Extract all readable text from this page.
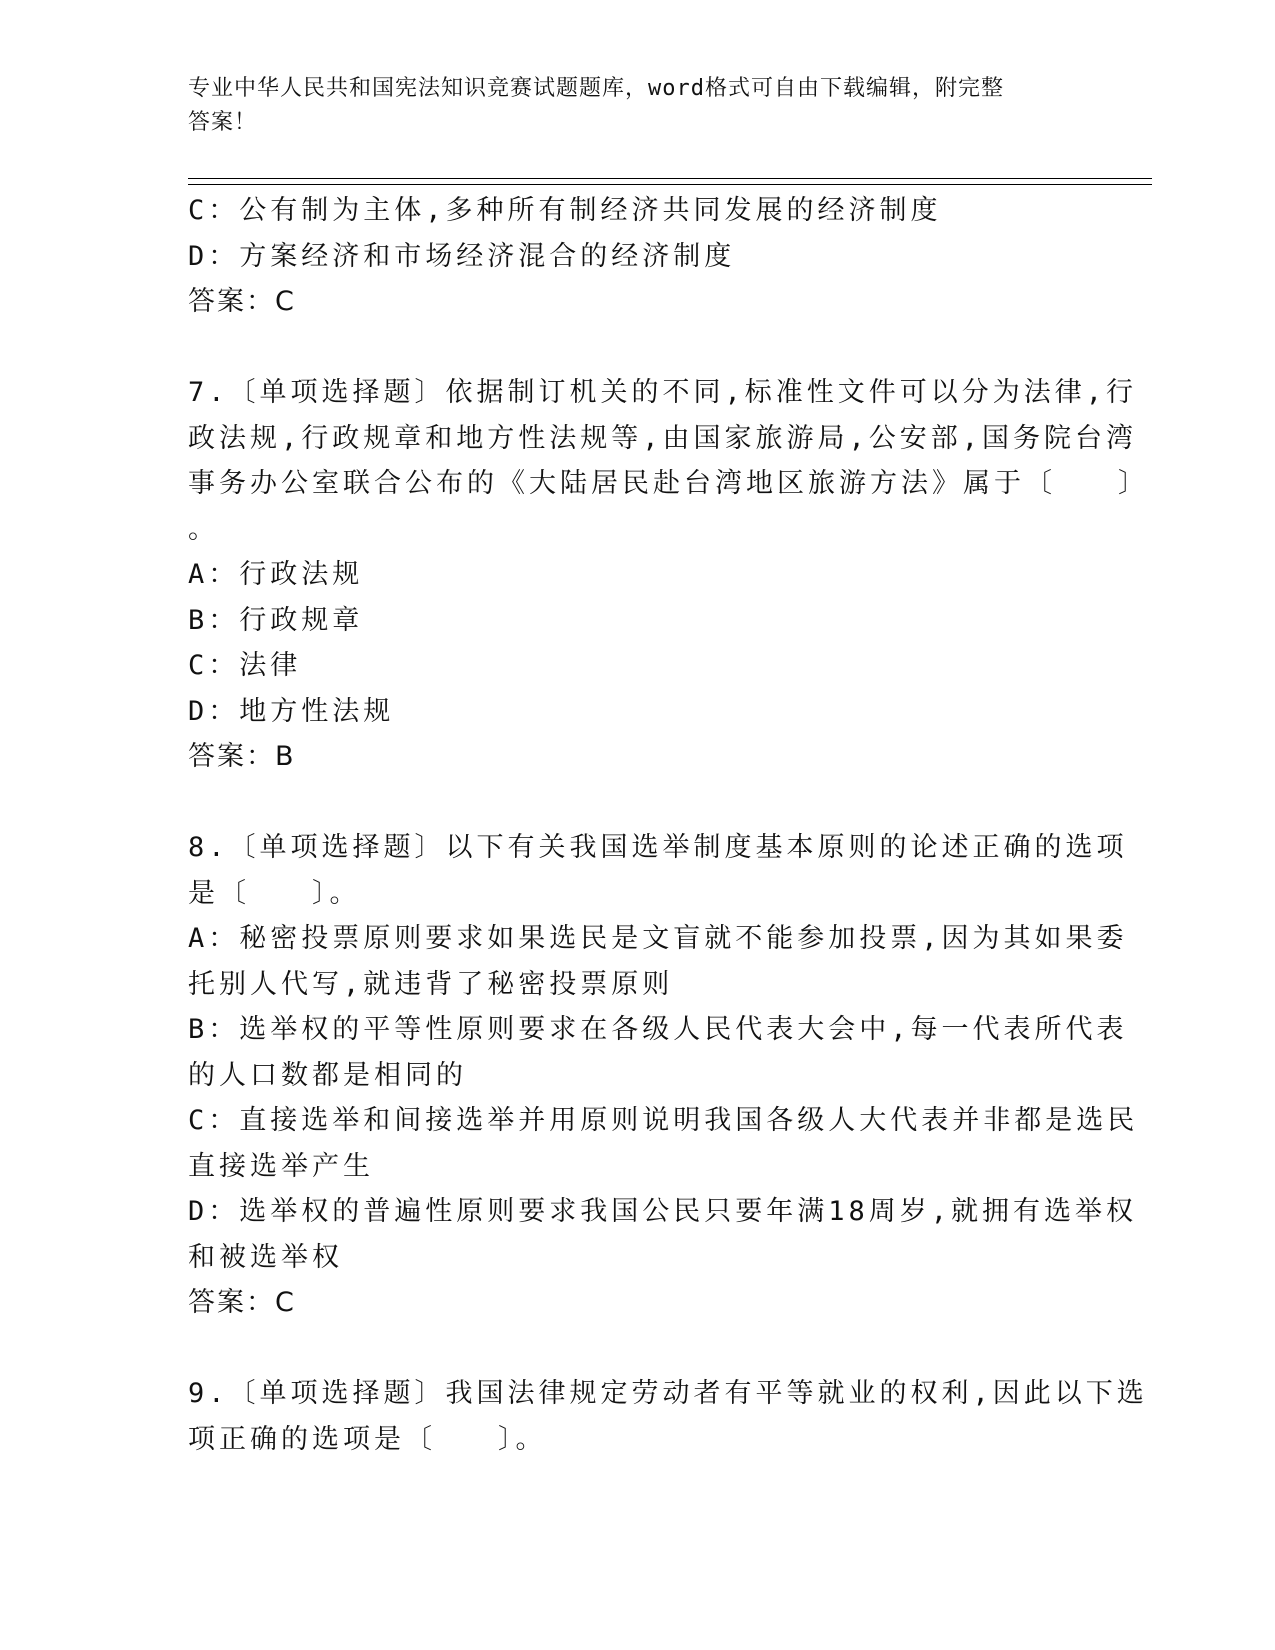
专业中华人民共和国宪法知识竞赛试题题库，word格式可自由下载编辑，附完整
答案！
C：公有制为主体,多种所有制经济共同发展的经济制度
D：方案经济和市场经济混合的经济制度
答案：C
7.〔单项选择题〕依据制订机关的不同,标准性文件可以分为法律,行
政法规,行政规章和地方性法规等,由国家旅游局,公安部,国务院台湾
事务办公室联合公布的《大陆居民赴台湾地区旅游方法》属于〔　　〕
。
A：行政法规
B：行政规章
C：法律
D：地方性法规
答案：B
8.〔单项选择题〕以下有关我国选举制度基本原则的论述正确的选项
是〔　　〕。
A：秘密投票原则要求如果选民是文盲就不能参加投票,因为其如果委
托别人代写,就违背了秘密投票原则
B：选举权的平等性原则要求在各级人民代表大会中,每一代表所代表
的人口数都是相同的
C：直接选举和间接选举并用原则说明我国各级人大代表并非都是选民
直接选举产生
D：选举权的普遍性原则要求我国公民只要年满18周岁,就拥有选举权
和被选举权
答案：C
9.〔单项选择题〕我国法律规定劳动者有平等就业的权利,因此以下选
项正确的选项是〔　　〕。
